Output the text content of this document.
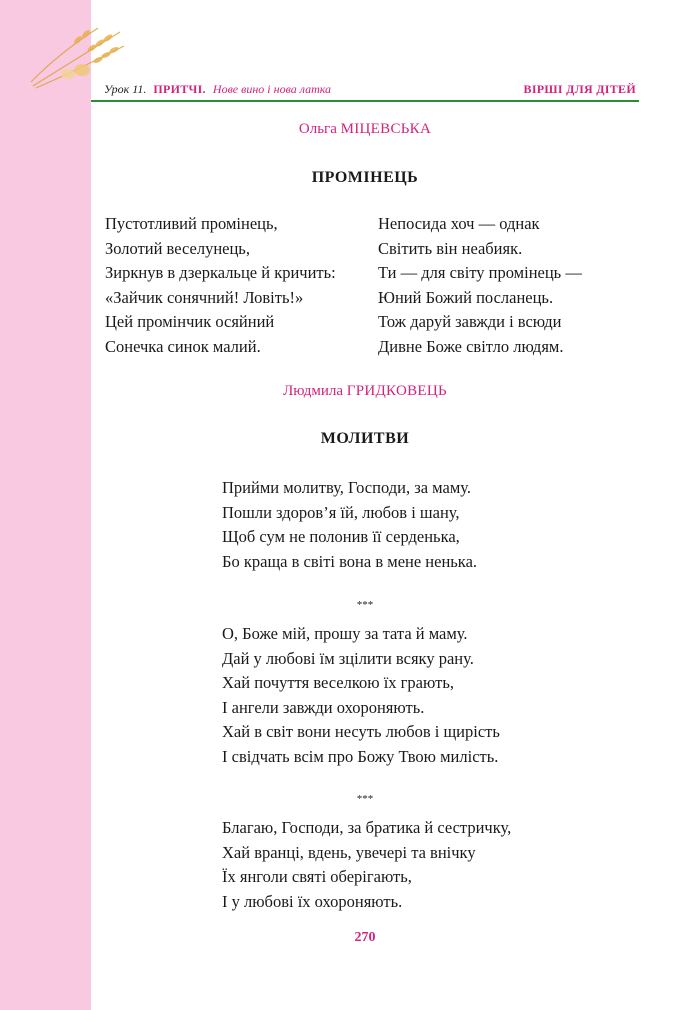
Урок 11. ПРИТЧІ. Нове вино і нова латка	ВІРШІ ДЛЯ ДІТЕЙ
Ольга МІЦЕВСЬКА
ПРОМІНЕЦЬ
Пустотливий промінець,
Золотий веселунець,
Зиркнув в дзеркальце й кричить:
«Зайчик сонячний! Ловіть!»
Цей промінчик осяйний
Сонечка синок малий.
Непосида хоч — однак
Світить він неабияк.
Ти — для світу промінець —
Юний Божий посланець.
Тож даруй завжди і всюди
Дивне Боже світло людям.
Людмила ГРИДКОВЕЦЬ
МОЛИТВИ
Прийми молитву, Господи, за маму.
Пошли здоров’я їй, любов і шану,
Щоб сум не полонив її серденька,
Бо краща в світі вона в мене ненька.
***
О, Боже мій, прошу за тата й маму.
Дай у любові їм зцілити всяку рану.
Хай почуття веселкою їх грають,
І ангели завжди охороняють.
Хай в світ вони несуть любов і щирість
І свідчать всім про Божу Твою милість.
***
Благаю, Господи, за братика й сестричку,
Хай вранці, вдень, увечері та внічку
Їх янголи святі оберігають,
І у любові їх охороняють.
270
